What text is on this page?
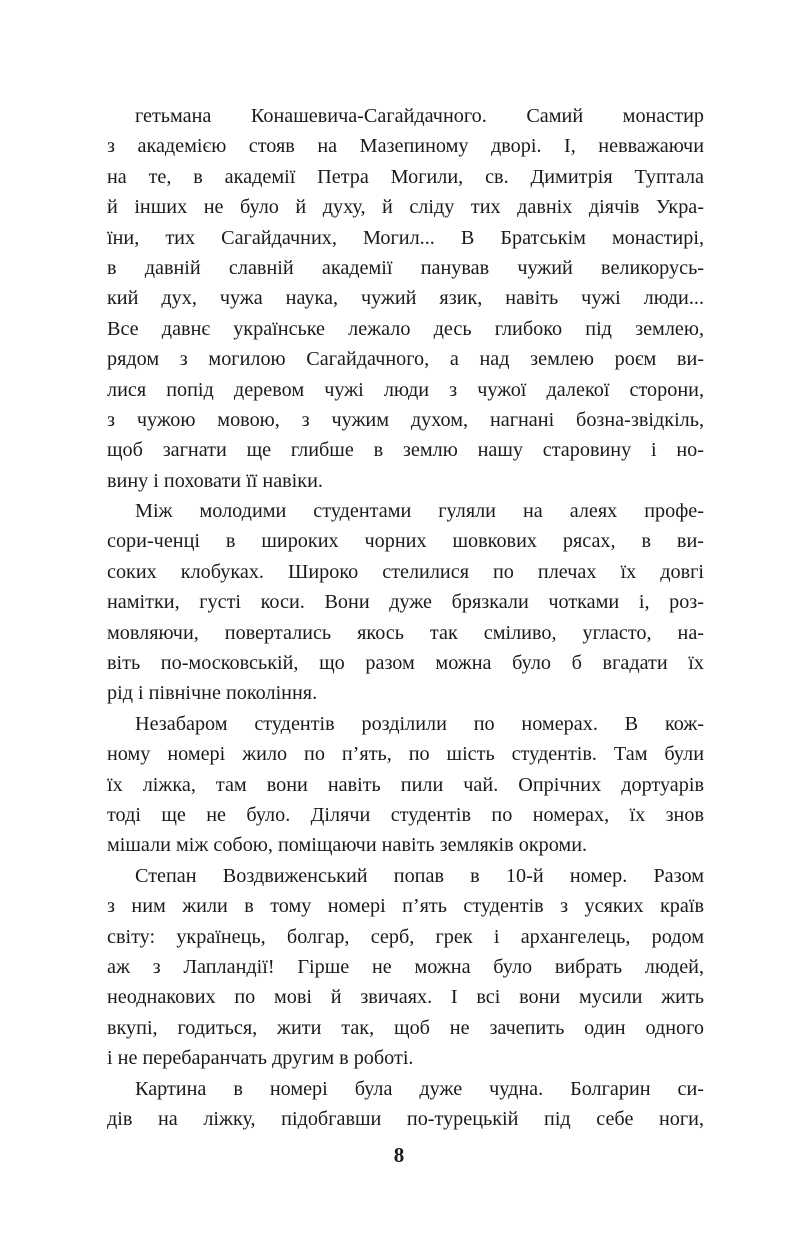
гетьмана Конашевича-Сагайдачного. Самий монастир
з академією стояв на Мазепиному дворі. І, невважаючи
на те, в академії Петра Могили, св. Димитрія Туптала
й інших не було й духу, й сліду тих давніх діячів Укра-
їни, тих Сагайдачних, Могил... В Братськім монастирі,
в давній славній академії панував чужий великорусь-
кий дух, чужа наука, чужий язик, навіть чужі люди...
Все давнє українське лежало десь глибоко під землею,
рядом з могилою Сагайдачного, а над землею роєм ви-
лися попід деревом чужі люди з чужої далекої сторони,
з чужою мовою, з чужим духом, нагнані бозна-звідкіль,
щоб загнати ще глибше в землю нашу старовину і но-
вину і поховати її навіки.
Між молодими студентами гуляли на алеях профе-
сори-ченці в широких чорних шовкових рясах, в ви-
соких клобуках. Широко стелилися по плечах їх довгі
намітки, густі коси. Вони дуже брязкали чотками і, роз-
мовляючи, повертались якось так сміливо, угласто, на-
віть по-московській, що разом можна було б вгадати їх
рід і північне покоління.
Незабаром студентів розділили по номерах. В кож-
ному номері жило по п’ять, по шість студентів. Там були
їх ліжка, там вони навіть пили чай. Опрічних дортуарів
тоді ще не було. Ділячи студентів по номерах, їх знов
мішали між собою, поміщаючи навіть земляків окроми.
Степан Воздвиженський попав в 10-й номер. Разом
з ним жили в тому номері п’ять студентів з усяких країв
світу: українець, болгар, серб, грек і архангелець, родом
аж з Лапландії! Гірше не можна було вибрать людей,
неоднакових по мові й звичаях. І всі вони мусили жить
вкупі, годиться, жити так, щоб не зачепить один одного
і не перебаранчать другим в роботі.
Картина в номері була дуже чудна. Болгарин си-
дів на ліжку, підобгавши по-турецькій під себе ноги,
8
